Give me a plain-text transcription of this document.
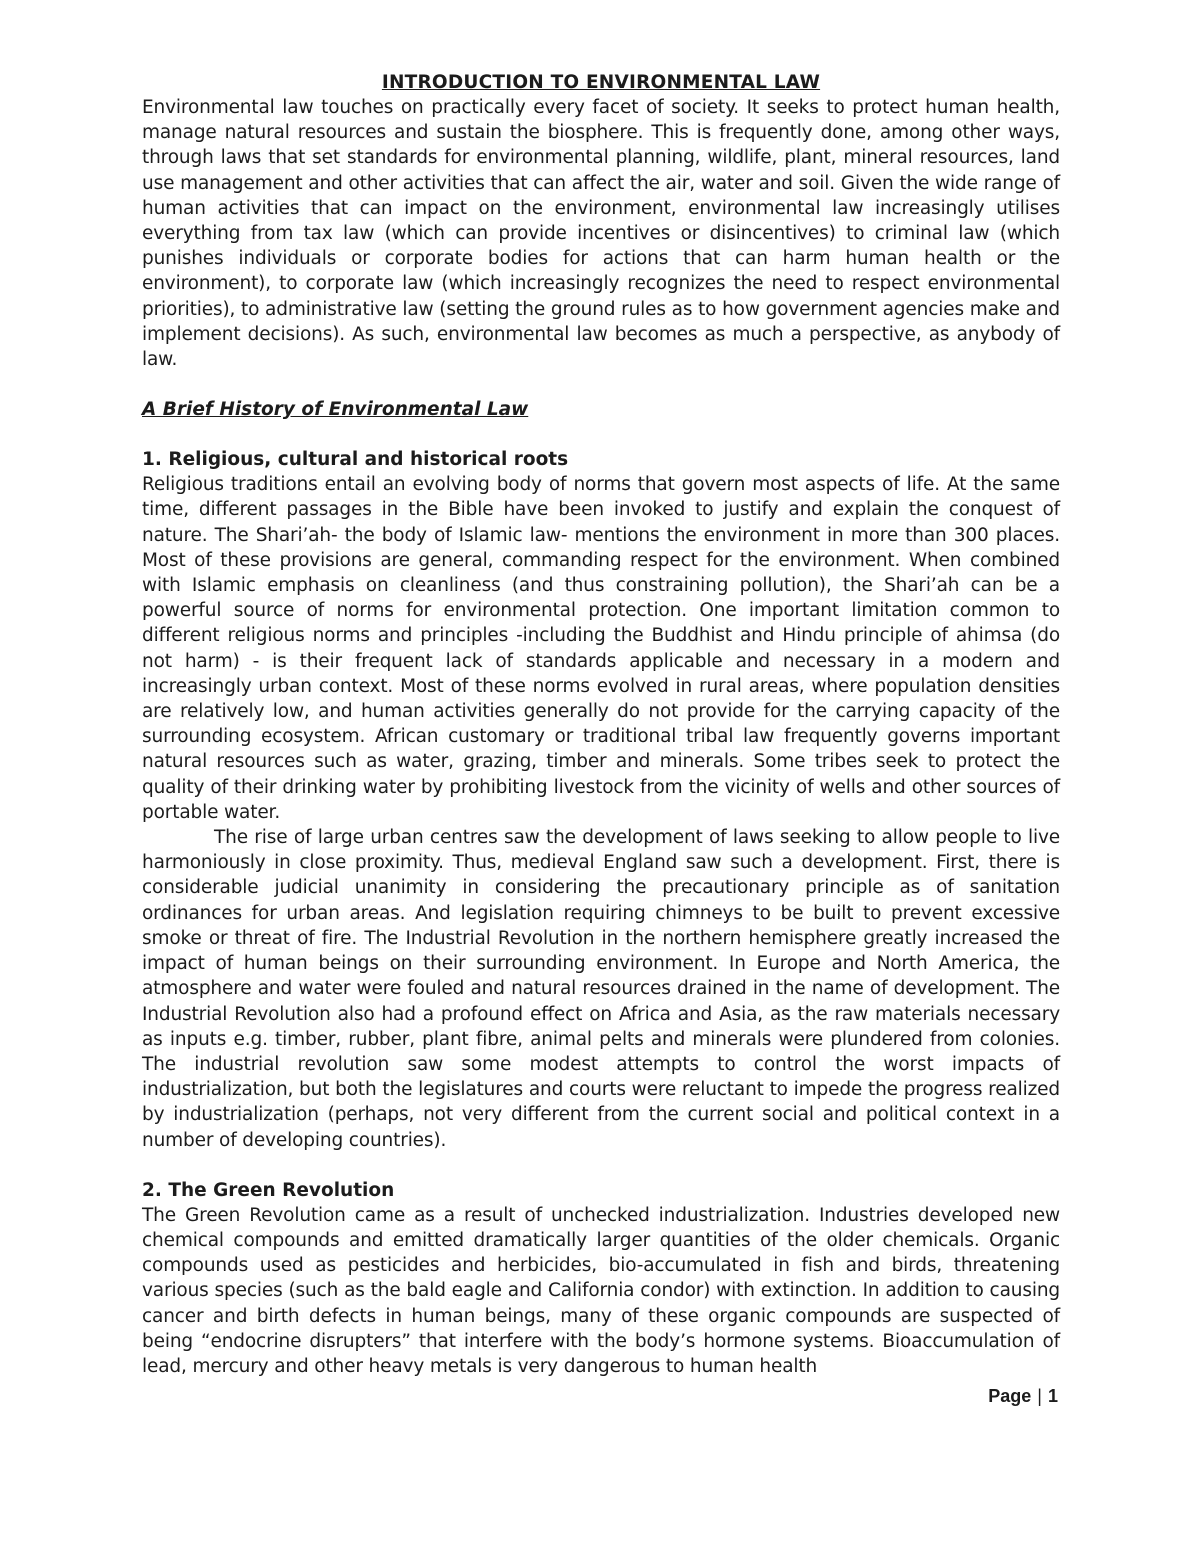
INTRODUCTION TO ENVIRONMENTAL LAW

Environmental law touches on practically every facet of society. It seeks to protect human health, manage natural resources and sustain the biosphere. This is frequently done, among other ways, through laws that set standards for environmental planning, wildlife, plant, mineral resources, land use management and other activities that can affect the air, water and soil. Given the wide range of human activities that can impact on the environment, environmental law increasingly utilises everything from tax law (which can provide incentives or disincentives) to criminal law (which punishes individuals or corporate bodies for actions that can harm human health or the environment), to corporate law (which increasingly recognizes the need to respect environmental priorities), to administrative law (setting the ground rules as to how government agencies make and implement decisions). As such, environmental law becomes as much a perspective, as anybody of law.

A Brief History of Environmental Law
1. Religious, cultural and historical roots

Religious traditions entail an evolving body of norms that govern most aspects of life. At the same time, different passages in the Bible have been invoked to justify and explain the conquest of nature. The Shari’ah- the body of Islamic law- mentions the environment in more than 300 places. Most of these provisions are general, commanding respect for the environment. When combined with Islamic emphasis on cleanliness (and thus constraining pollution), the Shari’ah can be a powerful source of norms for environmental protection. One important limitation common to different religious norms and principles -including the Buddhist and Hindu principle of ahimsa (do not harm) - is their frequent lack of standards applicable and necessary in a modern and increasingly urban context. Most of these norms evolved in rural areas, where population densities are relatively low, and human activities generally do not provide for the carrying capacity of the surrounding ecosystem. African customary or traditional tribal law frequently governs important natural resources such as water, grazing, timber and minerals. Some tribes seek to protect the quality of their drinking water by prohibiting livestock from the vicinity of wells and other sources of portable water.

The rise of large urban centres saw the development of laws seeking to allow people to live harmoniously in close proximity. Thus, medieval England saw such a development. First, there is considerable judicial unanimity in considering the precautionary principle as of sanitation ordinances for urban areas. And legislation requiring chimneys to be built to prevent excessive smoke or threat of fire. The Industrial Revolution in the northern hemisphere greatly increased the impact of human beings on their surrounding environment. In Europe and North America, the atmosphere and water were fouled and natural resources drained in the name of development. The Industrial Revolution also had a profound effect on Africa and Asia, as the raw materials necessary as inputs e.g. timber, rubber, plant fibre, animal pelts and minerals were plundered from colonies. The industrial revolution saw some modest attempts to control the worst impacts of industrialization, but both the legislatures and courts were reluctant to impede the progress realized by industrialization (perhaps, not very different from the current social and political context in a number of developing countries).

2. The Green Revolution

The Green Revolution came as a result of unchecked industrialization. Industries developed new chemical compounds and emitted dramatically larger quantities of the older chemicals. Organic compounds used as pesticides and herbicides, bio-accumulated in fish and birds, threatening various species (such as the bald eagle and California condor) with extinction. In addition to causing cancer and birth defects in human beings, many of these organic compounds are suspected of being “endocrine disrupters” that interfere with the body’s hormone systems. Bioaccumulation of lead, mercury and other heavy metals is very dangerous to human health

Page | 1
